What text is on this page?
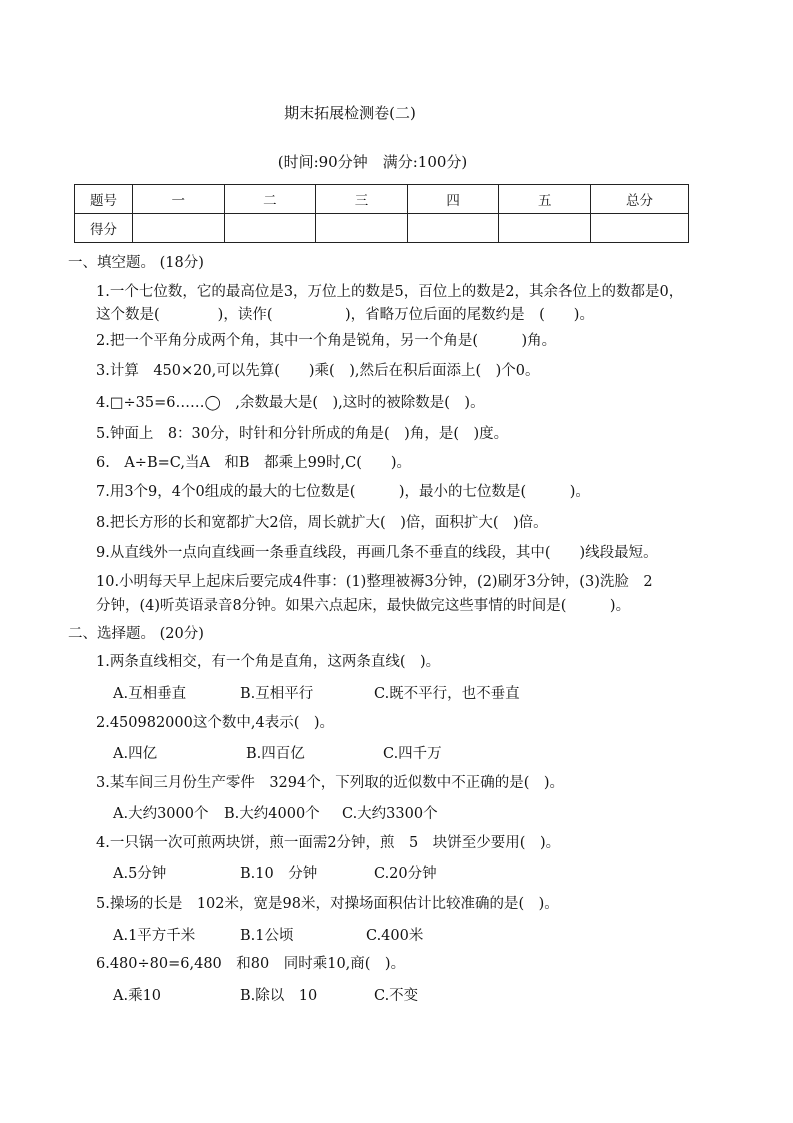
期末拓展检测卷(二)
(时间:90分钟　满分:100分)
题号	一	二	三	四	五	总分
得分						
一、填空题。 (18分)
1.一个七位数，它的最高位是3，万位上的数是5，百位上的数是2，其余各位上的数都是0，
这个数是(　　　　)，读作(　　　　　)，省略万位后面的尾数约是　(　　)。
2.把一个平角分成两个角，其中一个角是锐角，另一个角是(　　　)角。
3.计算　450×20,可以先算(　　)乘(　),然后在积后面添上(　)个0。
4.□÷35=6……◯　,余数最大是(　),这时的被除数是(　)。
5.钟面上　8：30分，时针和分针所成的角是(　)角，是(　)度。
6.　A÷B=C,当A　和B　都乘上99时,C(　　)。
7.用3个9，4个0组成的最大的七位数是(　　　)，最小的七位数是(　　　)。
8.把长方形的长和宽都扩大2倍，周长就扩大(　)倍，面积扩大(　)倍。
9.从直线外一点向直线画一条垂直线段，再画几条不垂直的线段，其中(　　)线段最短。
10.小明每天早上起床后要完成4件事：(1)整理被褥3分钟，(2)刷牙3分钟，(3)洗脸　2
分钟，(4)听英语录音8分钟。如果六点起床，最快做完这些事情的时间是(　　　)。
二、选择题。 (20分)
1.两条直线相交，有一个角是直角，这两条直线(　)。
A.互相垂直	B.互相平行	C.既不平行，也不垂直
2.450982000这个数中,4表示(　)。
A.四亿	B.四百亿	C.四千万
3.某车间三月份生产零件　3294个，下列取的近似数中不正确的是(　)。
A.大约3000个 B.大约4000个 C.大约3300个
4.一只锅一次可煎两块饼，煎一面需2分钟，煎　5　块饼至少要用(　)。
A.5分钟	B.10　分钟	C.20分钟
5.操场的长是　102米，宽是98米，对操场面积估计比较准确的是(　)。
A.1平方千米	B.1公顷	C.400米
6.480÷80=6,480　和80　同时乘10,商(　)。
A.乘10	B.除以　10	C.不变
